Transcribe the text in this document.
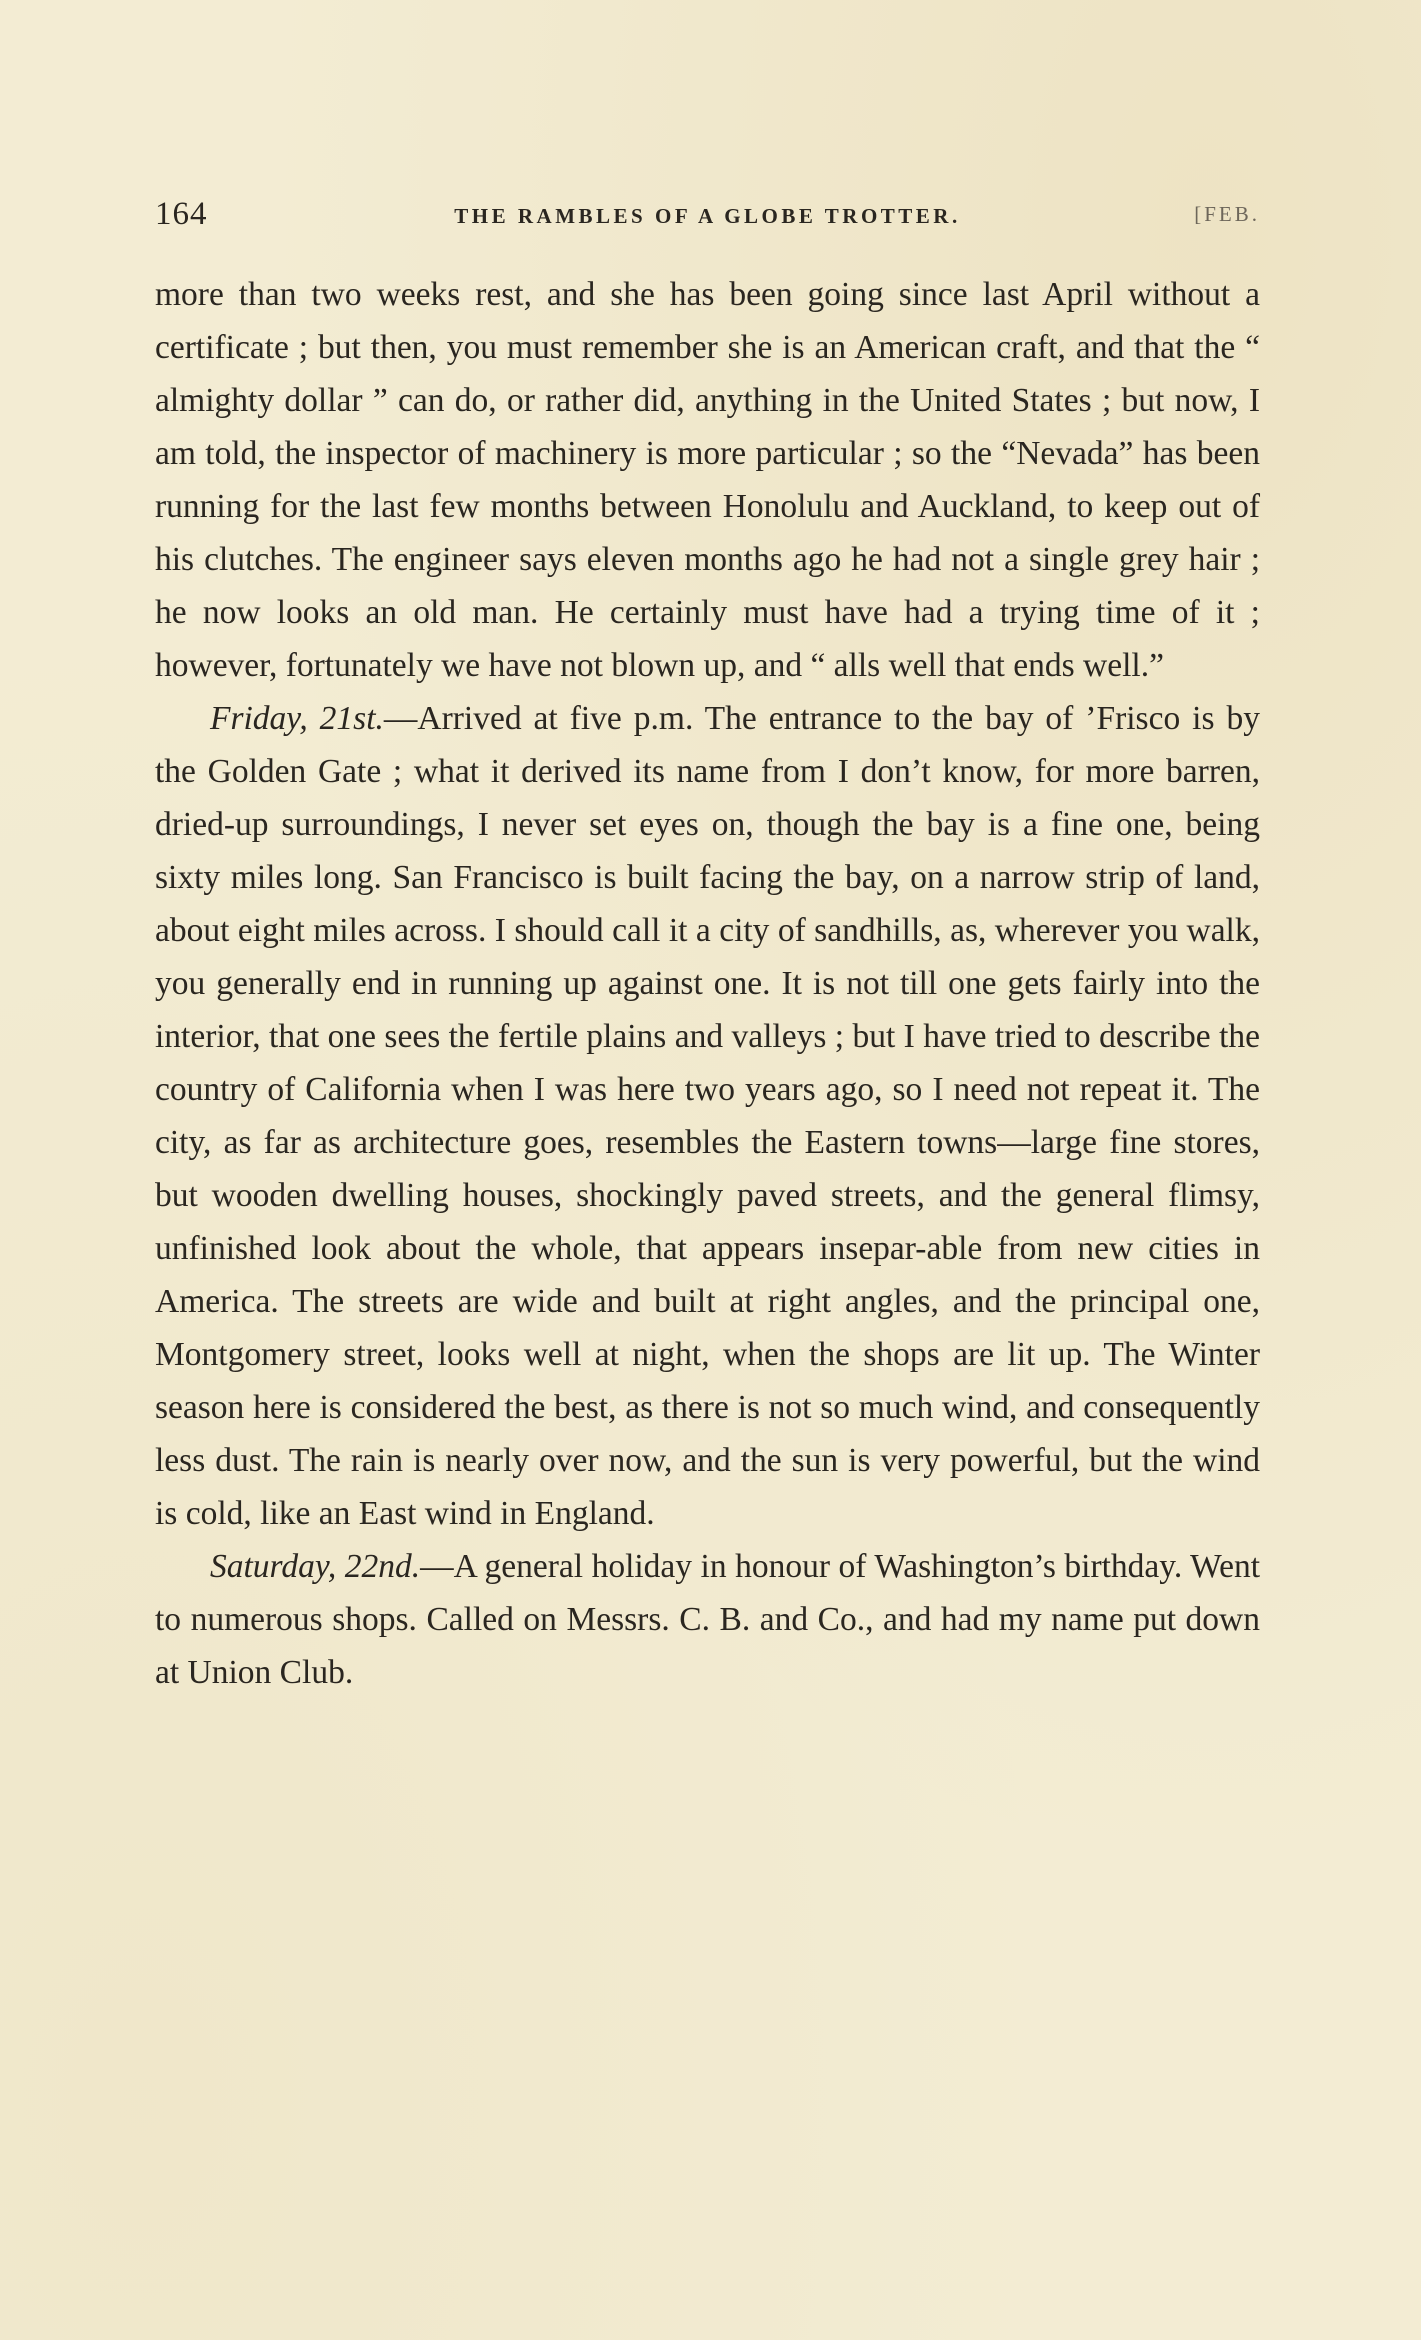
164	THE RAMBLES OF A GLOBE TROTTER.	[FEB.

more than two weeks rest, and she has been going since last April without a certificate ; but then, you must remember she is an American craft, and that the “ almighty dollar ” can do, or rather did, anything in the United States ; but now, I am told, the inspector of machinery is more particular ; so the “Nevada” has been running for the last few months between Honolulu and Auckland, to keep out of his clutches. The engineer says eleven months ago he had not a single grey hair ; he now looks an old man. He certainly must have had a trying time of it ; however, fortunately we have not blown up, and “ alls well that ends well.”

Friday, 21st.—Arrived at five p.m. The entrance to the bay of ’Frisco is by the Golden Gate ; what it derived its name from I don’t know, for more barren, dried-up surroundings, I never set eyes on, though the bay is a fine one, being sixty miles long. San Francisco is built facing the bay, on a narrow strip of land, about eight miles across. I should call it a city of sandhills, as, wherever you walk, you generally end in running up against one. It is not till one gets fairly into the interior, that one sees the fertile plains and valleys ; but I have tried to describe the country of California when I was here two years ago, so I need not repeat it. The city, as far as architecture goes, resembles the Eastern towns—large fine stores, but wooden dwelling houses, shockingly paved streets, and the general flimsy, unfinished look about the whole, that appears insepar-able from new cities in America. The streets are wide and built at right angles, and the principal one, Montgomery street, looks well at night, when the shops are lit up. The Winter season here is considered the best, as there is not so much wind, and consequently less dust. The rain is nearly over now, and the sun is very powerful, but the wind is cold, like an East wind in England.

Saturday, 22nd.—A general holiday in honour of Washington’s birthday. Went to numerous shops. Called on Messrs. C. B. and Co., and had my name put down at Union Club.
